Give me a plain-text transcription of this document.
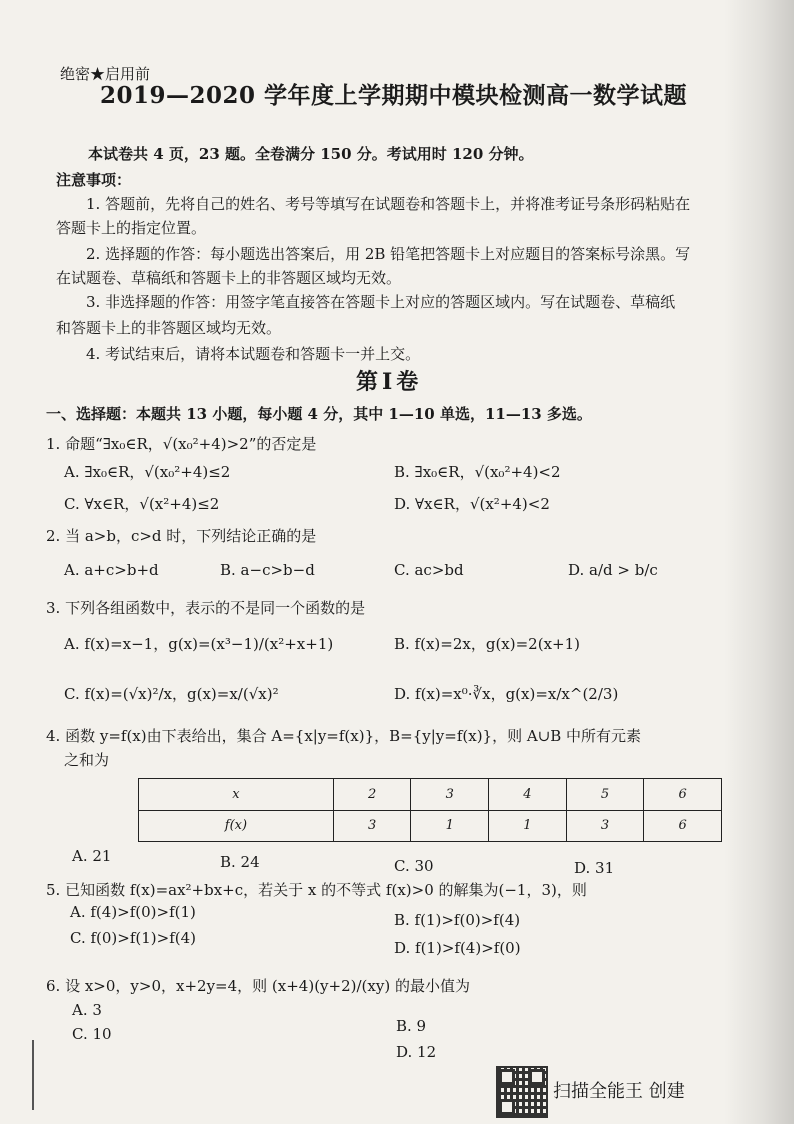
绝密★启用前
2019—2020 学年度上学期期中模块检测高一数学试题
本试卷共 4 页，23 题。全卷满分 150 分。考试用时 120 分钟。
注意事项：
1. 答题前，先将自己的姓名、考号等填写在试题卷和答题卡上，并将准考证号条形码粘贴在
答题卡上的指定位置。
2. 选择题的作答：每小题选出答案后，用 2B 铅笔把答题卡上对应题目的答案标号涂黑。写
在试题卷、草稿纸和答题卡上的非答题区域均无效。
3. 非选择题的作答：用签字笔直接答在答题卡上对应的答题区域内。写在试题卷、草稿纸
和答题卡上的非答题区域均无效。
4. 考试结束后，请将本试题卷和答题卡一并上交。
第Ⅰ卷
一、选择题：本题共 13 小题，每小题 4 分，其中 1—10 单选，11—13 多选。
1. 命题“∃x₀∈R，√(x₀²+4)>2”的否定是
A. ∃x₀∈R，√(x₀²+4)≤2	B. ∃x₀∈R，√(x₀²+4)<2
C. ∀x∈R，√(x²+4)≤2	D. ∀x∈R，√(x²+4)<2
2. 当 a>b，c>d 时，下列结论正确的是
A. a+c>b+d	B. a−c>b−d	C. ac>bd	D. a/d > b/c
3. 下列各组函数中，表示的不是同一个函数的是
A. f(x)=x−1，g(x)=(x³−1)/(x²+x+1)	B. f(x)=2x，g(x)=2(x+1)
C. f(x)=(√x)²/x，g(x)=x/(√x)²	D. f(x)=x⁰·∛x，g(x)=x/x^(2/3)
4. 函数 y=f(x)由下表给出，集合 A={x|y=f(x)}，B={y|y=f(x)}，则 A∪B 中所有元素
之和为
x	2	3	4	5	6
f(x)	3	1	1	3	6
A. 21	B. 24	C. 30	D. 31
5. 已知函数 f(x)=ax²+bx+c，若关于 x 的不等式 f(x)>0 的解集为(−1，3)，则
A. f(4)>f(0)>f(1)	B. f(1)>f(0)>f(4)
C. f(0)>f(1)>f(4)
D. f(1)>f(4)>f(0)
6. 设 x>0，y>0，x+2y=4，则 (x+4)(y+2)/(xy) 的最小值为
A. 3
B. 9
C. 10
D. 12
扫描全能王 创建
